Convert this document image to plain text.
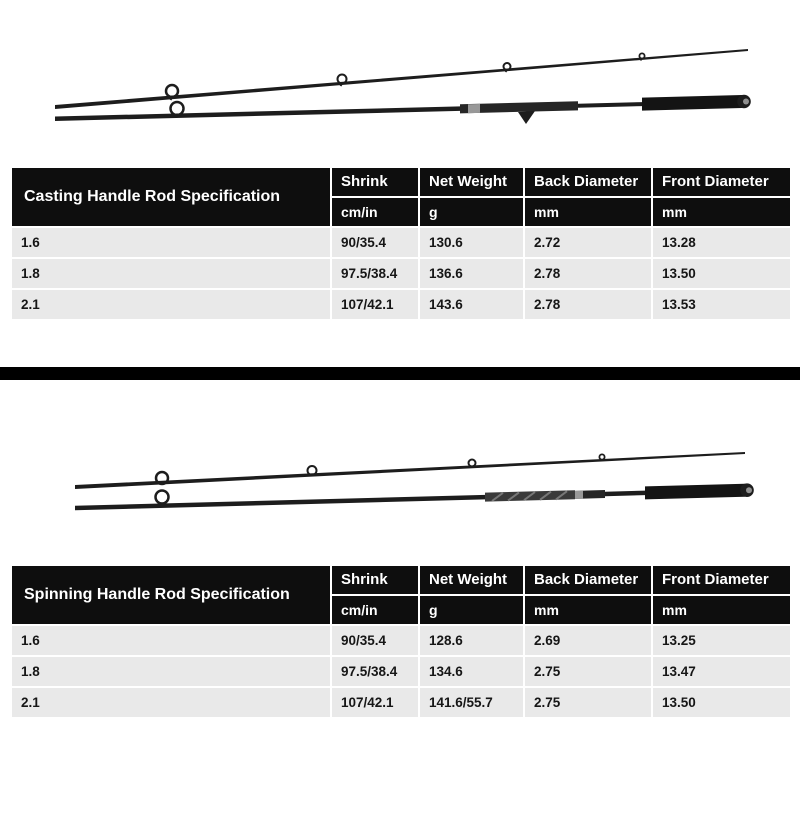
Casting Handle Rod Specification	Shrink	Net Weight	Back Diameter	Front Diameter
	cm/in	g	mm	mm
1.6	90/35.4	130.6	2.72	13.28
1.8	97.5/38.4	136.6	2.78	13.50
2.1	107/42.1	143.6	2.78	13.53
Spinning Handle Rod Specification	Shrink	Net Weight	Back Diameter	Front Diameter
	cm/in	g	mm	mm
1.6	90/35.4	128.6	2.69	13.25
1.8	97.5/38.4	134.6	2.75	13.47
2.1	107/42.1	141.6/55.7	2.75	13.50
